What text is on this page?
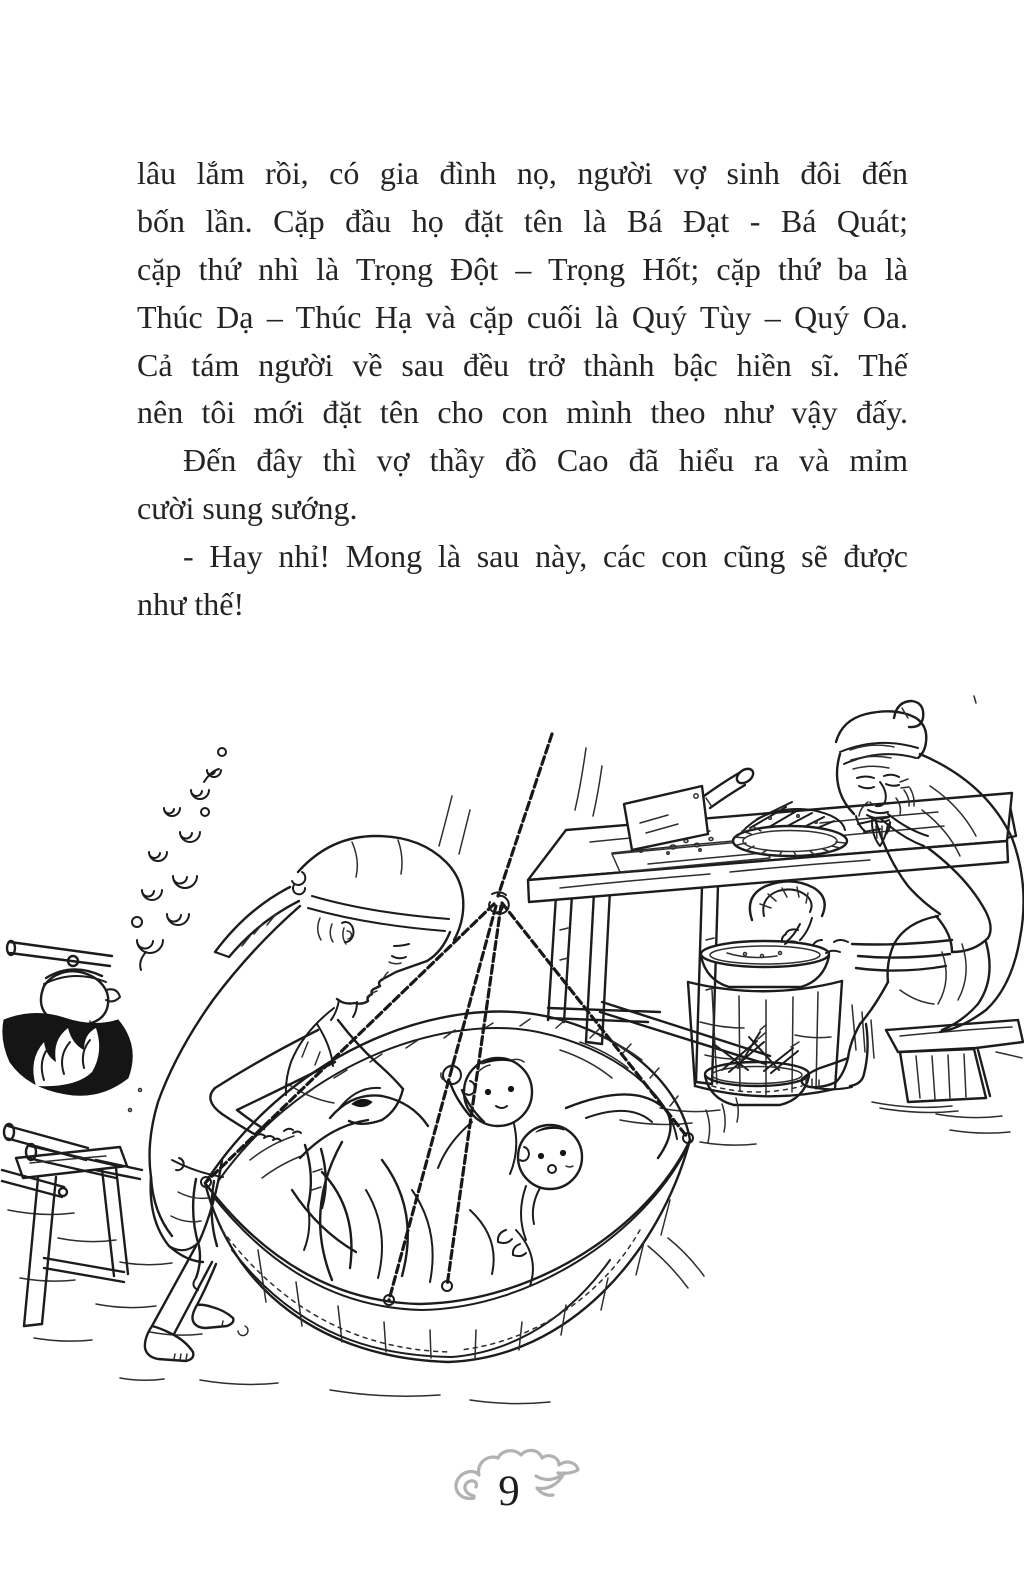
lâu lắm rồi, có gia đình nọ, người vợ sinh đôi đến
bốn lần. Cặp đầu họ đặt tên là Bá Đạt - Bá Quát;
cặp thứ nhì là Trọng Đột – Trọng Hốt; cặp thứ ba là
Thúc Dạ – Thúc Hạ và cặp cuối là Quý Tùy – Quý Oa.
Cả tám người về sau đều trở thành bậc hiền sĩ. Thế
nên tôi mới đặt tên cho con mình theo như vậy đấy.
Đến đây thì vợ thầy đồ Cao đã hiểu ra và mỉm
cười sung sướng.
- Hay nhỉ! Mong là sau này, các con cũng sẽ được
như thế!
9
